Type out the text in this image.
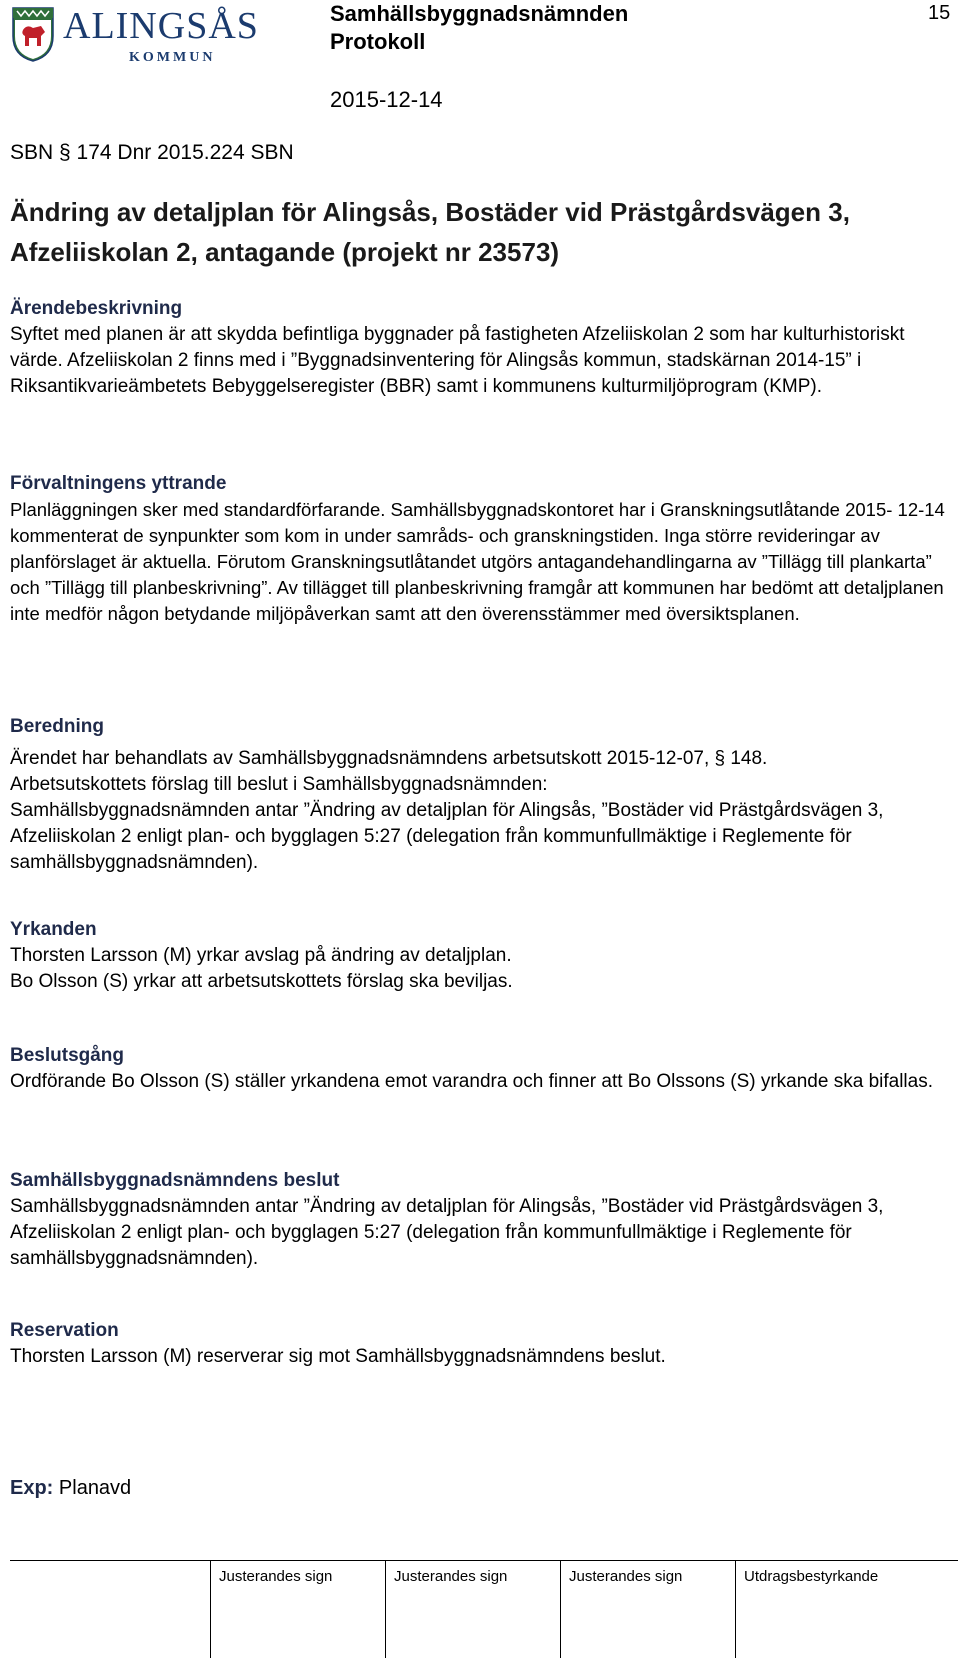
ALINGSÅS
KOMMUN
Samhällsbyggnadsnämnden
Protokoll
2015-12-14
15
SBN § 174 Dnr 2015.224 SBN
Ändring av detaljplan för Alingsås, Bostäder vid Prästgårdsvägen 3, Afzeliiskolan 2, antagande (projekt nr 23573)
Ärendebeskrivning

Syftet med planen är att skydda befintliga byggnader på fastigheten Afzeliiskolan 2 som har kulturhistoriskt värde. Afzeliiskolan 2 finns med i ”Byggnadsinventering för Alingsås kommun, stadskärnan 2014-15” i Riksantikvarieämbetets Bebyggelseregister (BBR) samt i kommunens kulturmiljöprogram (KMP).

Förvaltningens yttrande

Planläggningen sker med standardförfarande. Samhällsbyggnadskontoret har i Granskningsutlåtande 2015- 12-14 kommenterat de synpunkter som kom in under samråds- och granskningstiden. Inga större revideringar av planförslaget är aktuella. Förutom Granskningsutlåtandet utgörs antagandehandlingarna av ”Tillägg till plankarta” och ”Tillägg till planbeskrivning”. Av tillägget till planbeskrivning framgår att kommunen har bedömt att detaljplanen inte medför någon betydande miljöpåverkan samt att den överensstämmer med översiktsplanen.

Beredning

Ärendet har behandlats av Samhällsbyggnadsnämndens arbetsutskott 2015-12-07, § 148.

Arbetsutskottets förslag till beslut i Samhällsbyggnadsnämnden:

Samhällsbyggnadsnämnden antar ”Ändring av detaljplan för Alingsås, ”Bostäder vid Prästgårdsvägen 3, Afzeliiskolan 2 enligt plan- och bygglagen 5:27 (delegation från kommunfullmäktige i Reglemente för samhällsbyggnadsnämnden).

Yrkanden

Thorsten Larsson (M) yrkar avslag på ändring av detaljplan.

Bo Olsson (S) yrkar att arbetsutskottets förslag ska beviljas.

Beslutsgång

Ordförande Bo Olsson (S) ställer yrkandena emot varandra och finner att Bo Olssons (S) yrkande ska bifallas.

Samhällsbyggnadsnämndens beslut

Samhällsbyggnadsnämnden antar ”Ändring av detaljplan för Alingsås, ”Bostäder vid Prästgårdsvägen 3, Afzeliiskolan 2 enligt plan- och bygglagen 5:27 (delegation från kommunfullmäktige i Reglemente för samhällsbyggnadsnämnden).

Reservation

Thorsten Larsson (M) reserverar sig mot Samhällsbyggnadsnämndens beslut.

Exp: Planavd
Justerandes sign	Justerandes sign	Justerandes sign	Utdragsbestyrkande
